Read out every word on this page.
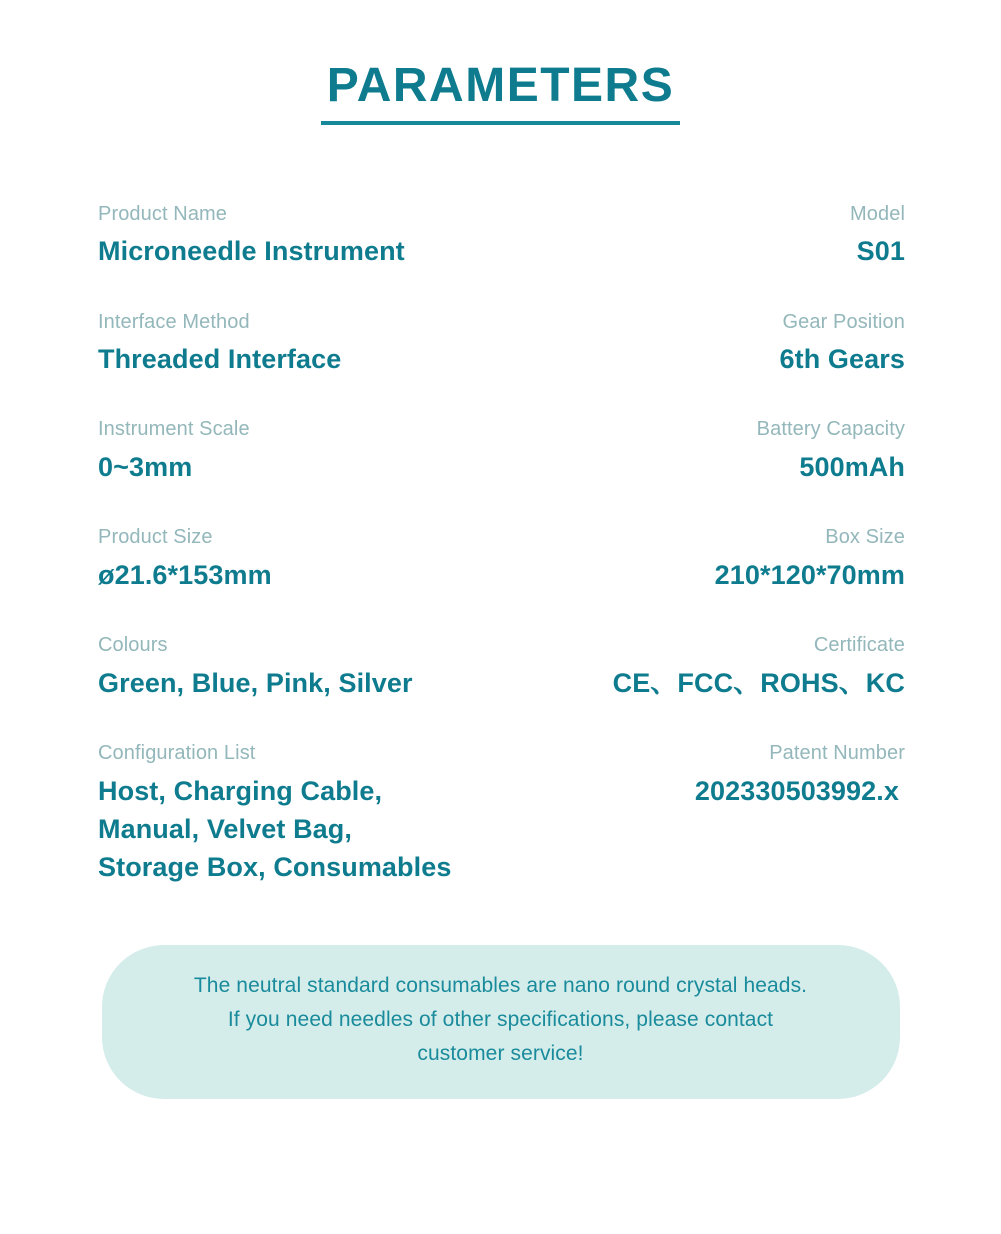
PARAMETERS
Product Name
Microneedle Instrument
Model
S01
Interface Method
Threaded Interface
Gear Position
6th Gears
Instrument Scale
0~3mm
Battery Capacity
500mAh
Product Size
ø21.6*153mm
Box Size
210*120*70mm
Colours
Green, Blue, Pink, Silver
Certificate
CE、FCC、ROHS、KC
Configuration List
Host, Charging Cable,
Manual, Velvet Bag,
Storage Box, Consumables
Patent Number
202330503992.x
The neutral standard consumables are nano round crystal heads.
If you need needles of other specifications, please contact
customer service!
